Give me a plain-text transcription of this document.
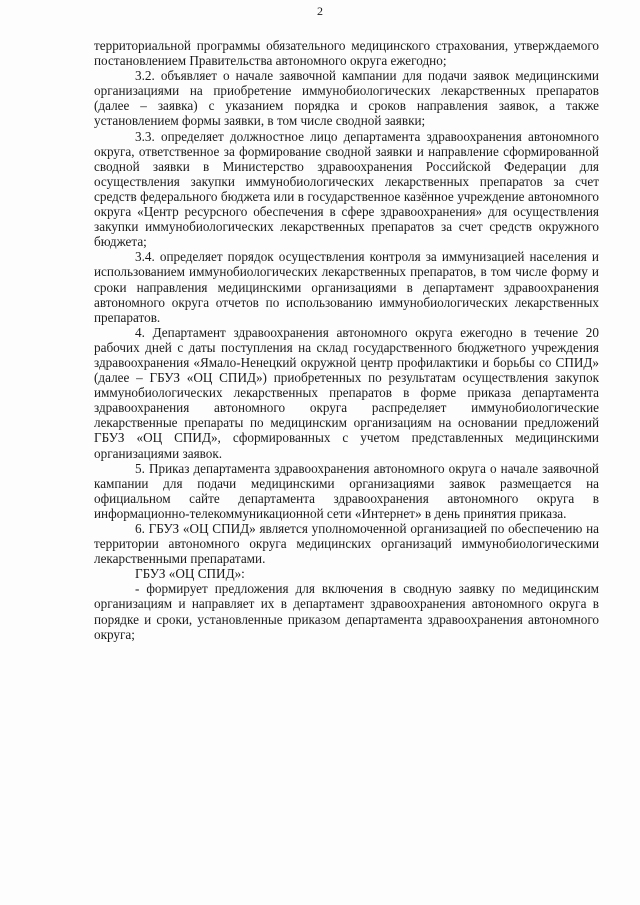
2

территориальной программы обязательного медицинского страхования, утверждаемого постановлением Правительства автономного округа ежегодно;

3.2. объявляет о начале заявочной кампании для подачи заявок медицинскими организациями на приобретение иммунобиологических лекарственных препаратов (далее – заявка) с указанием порядка и сроков направления заявок, а также установлением формы заявки, в том числе сводной заявки;

3.3. определяет должностное лицо департамента здравоохранения автономного округа, ответственное за формирование сводной заявки и направление сформированной сводной заявки в Министерство здравоохранения Российской Федерации для осуществления закупки иммунобиологических лекарственных препаратов за счет средств федерального бюджета или в государственное казённое учреждение автономного округа «Центр ресурсного обеспечения в сфере здравоохранения» для осуществления закупки иммунобиологических лекарственных препаратов за счет средств окружного бюджета;

3.4. определяет порядок осуществления контроля за иммунизацией населения и использованием иммунобиологических лекарственных препаратов, в том числе форму и сроки направления медицинскими организациями в департамент здравоохранения автономного округа отчетов по использованию иммунобиологических лекарственных препаратов.

4. Департамент здравоохранения автономного округа ежегодно в течение 20 рабочих дней с даты поступления на склад государственного бюджетного учреждения здравоохранения «Ямало-Ненецкий окружной центр профилактики и борьбы со СПИД» (далее – ГБУЗ «ОЦ СПИД») приобретенных по результатам осуществления закупок иммунобиологических лекарственных препаратов в форме приказа департамента здравоохранения автономного округа распределяет иммунобиологические лекарственные препараты по медицинским организациям на основании предложений ГБУЗ «ОЦ СПИД», сформированных с учетом представленных медицинскими организациями заявок.

5. Приказ департамента здравоохранения автономного округа о начале заявочной кампании для подачи медицинскими организациями заявок размещается на официальном сайте департамента здравоохранения автономного округа в информационно-телекоммуникационной сети «Интернет» в день принятия приказа.

6. ГБУЗ «ОЦ СПИД» является уполномоченной организацией по обеспечению на территории автономного округа медицинских организаций иммунобиологическими лекарственными препаратами.

ГБУЗ «ОЦ СПИД»:

- формирует предложения для включения в сводную заявку по медицинским организациям и направляет их в департамент здравоохранения автономного округа в порядке и сроки, установленные приказом департамента здравоохранения автономного округа;
